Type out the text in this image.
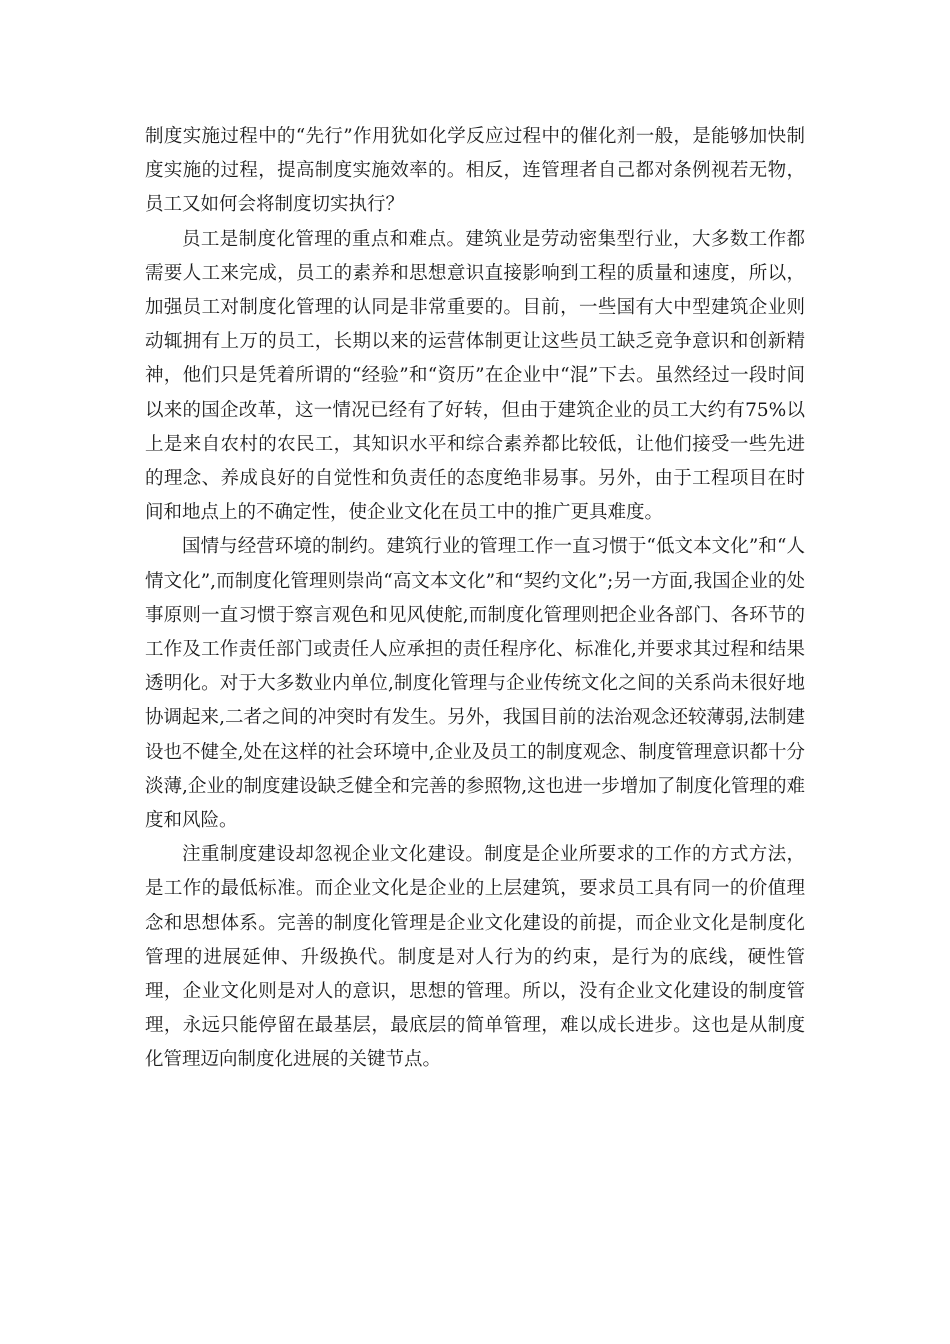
制度实施过程中的“先行”作用犹如化学反应过程中的催化剂一般，是能够加快制度实施的过程，提高制度实施效率的。相反，连管理者自己都对条例视若无物，员工又如何会将制度切实执行？

员工是制度化管理的重点和难点。建筑业是劳动密集型行业，大多数工作都需要人工来完成，员工的素养和思想意识直接影响到工程的质量和速度，所以，加强员工对制度化管理的认同是非常重要的。目前，一些国有大中型建筑企业则动辄拥有上万的员工，长期以来的运营体制更让这些员工缺乏竞争意识和创新精神，他们只是凭着所谓的“经验”和“资历”在企业中“混”下去。虽然经过一段时间以来的国企改革，这一情况已经有了好转，但由于建筑企业的员工大约有75%以上是来自农村的农民工，其知识水平和综合素养都比较低，让他们接受一些先进的理念、养成良好的自觉性和负责任的态度绝非易事。另外，由于工程项目在时间和地点上的不确定性，使企业文化在员工中的推广更具难度。

国情与经营环境的制约。建筑行业的管理工作一直习惯于“低文本文化”和“人情文化”,而制度化管理则崇尚“高文本文化”和“契约文化”;另一方面,我国企业的处事原则一直习惯于察言观色和见风使舵,而制度化管理则把企业各部门、各环节的工作及工作责任部门或责任人应承担的责任程序化、标准化,并要求其过程和结果透明化。对于大多数业内单位,制度化管理与企业传统文化之间的关系尚未很好地协调起来,二者之间的冲突时有发生。另外，我国目前的法治观念还较薄弱,法制建设也不健全,处在这样的社会环境中,企业及员工的制度观念、制度管理意识都十分淡薄,企业的制度建设缺乏健全和完善的参照物,这也进一步增加了制度化管理的难度和风险。

注重制度建设却忽视企业文化建设。制度是企业所要求的工作的方式方法，是工作的最低标准。而企业文化是企业的上层建筑，要求员工具有同一的价值理念和思想体系。完善的制度化管理是企业文化建设的前提，而企业文化是制度化管理的进展延伸、升级换代。制度是对人行为的约束，是行为的底线，硬性管理，企业文化则是对人的意识，思想的管理。所以，没有企业文化建设的制度管理，永远只能停留在最基层，最底层的简单管理，难以成长进步。这也是从制度化管理迈向制度化进展的关键节点。
